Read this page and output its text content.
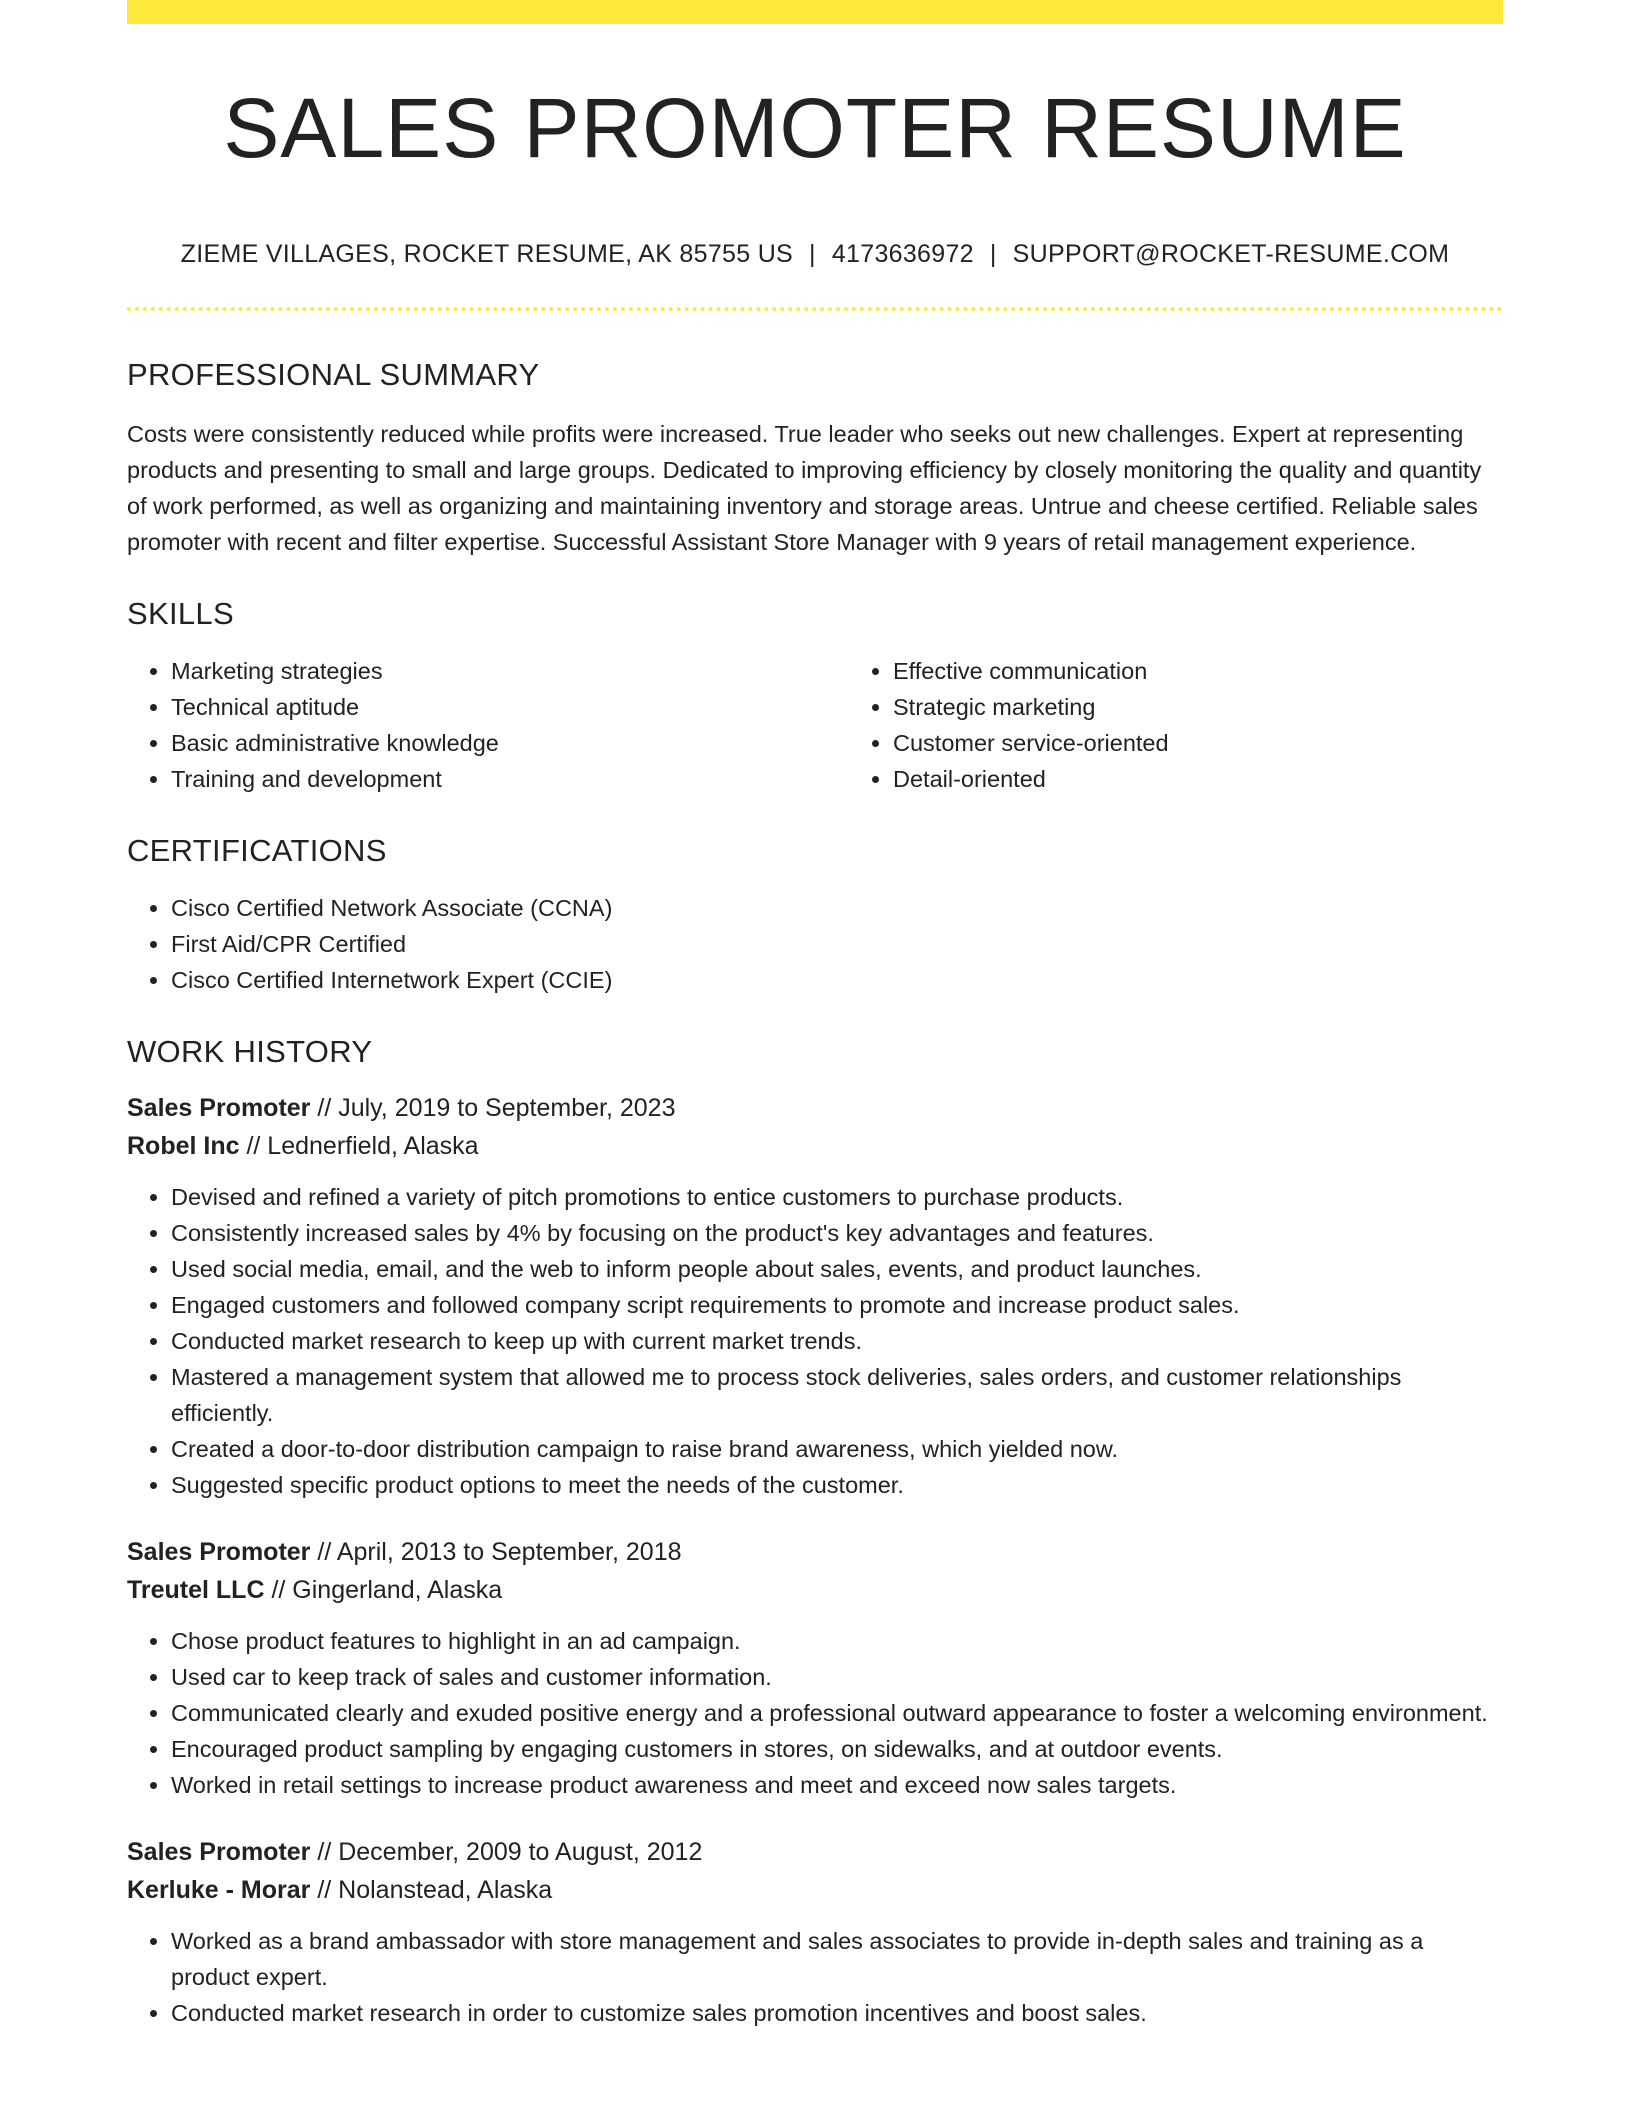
SALES PROMOTER RESUME
ZIEME VILLAGES, ROCKET RESUME, AK 85755 US | 4173636972 | SUPPORT@ROCKET-RESUME.COM
PROFESSIONAL SUMMARY

Costs were consistently reduced while profits were increased. True leader who seeks out new challenges. Expert at representing products and presenting to small and large groups. Dedicated to improving efficiency by closely monitoring the quality and quantity of work performed, as well as organizing and maintaining inventory and storage areas. Untrue and cheese certified. Reliable sales promoter with recent and filter expertise. Successful Assistant Store Manager with 9 years of retail management experience.

SKILLS
• Marketing strategies
• Technical aptitude
• Basic administrative knowledge
• Training and development
• Effective communication
• Strategic marketing
• Customer service-oriented
• Detail-oriented
CERTIFICATIONS
• Cisco Certified Network Associate (CCNA)
• First Aid/CPR Certified
• Cisco Certified Internetwork Expert (CCIE)
WORK HISTORY
Sales Promoter // July, 2019 to September, 2023
Robel Inc // Lednerfield, Alaska
• Devised and refined a variety of pitch promotions to entice customers to purchase products.
• Consistently increased sales by 4% by focusing on the product's key advantages and features.
• Used social media, email, and the web to inform people about sales, events, and product launches.
• Engaged customers and followed company script requirements to promote and increase product sales.
• Conducted market research to keep up with current market trends.
• Mastered a management system that allowed me to process stock deliveries, sales orders, and customer relationships efficiently.
• Created a door-to-door distribution campaign to raise brand awareness, which yielded now.
• Suggested specific product options to meet the needs of the customer.
Sales Promoter // April, 2013 to September, 2018
Treutel LLC // Gingerland, Alaska
• Chose product features to highlight in an ad campaign.
• Used car to keep track of sales and customer information.
• Communicated clearly and exuded positive energy and a professional outward appearance to foster a welcoming environment.
• Encouraged product sampling by engaging customers in stores, on sidewalks, and at outdoor events.
• Worked in retail settings to increase product awareness and meet and exceed now sales targets.
Sales Promoter // December, 2009 to August, 2012
Kerluke - Morar // Nolanstead, Alaska
• Worked as a brand ambassador with store management and sales associates to provide in-depth sales and training as a product expert.
• Conducted market research in order to customize sales promotion incentives and boost sales.
